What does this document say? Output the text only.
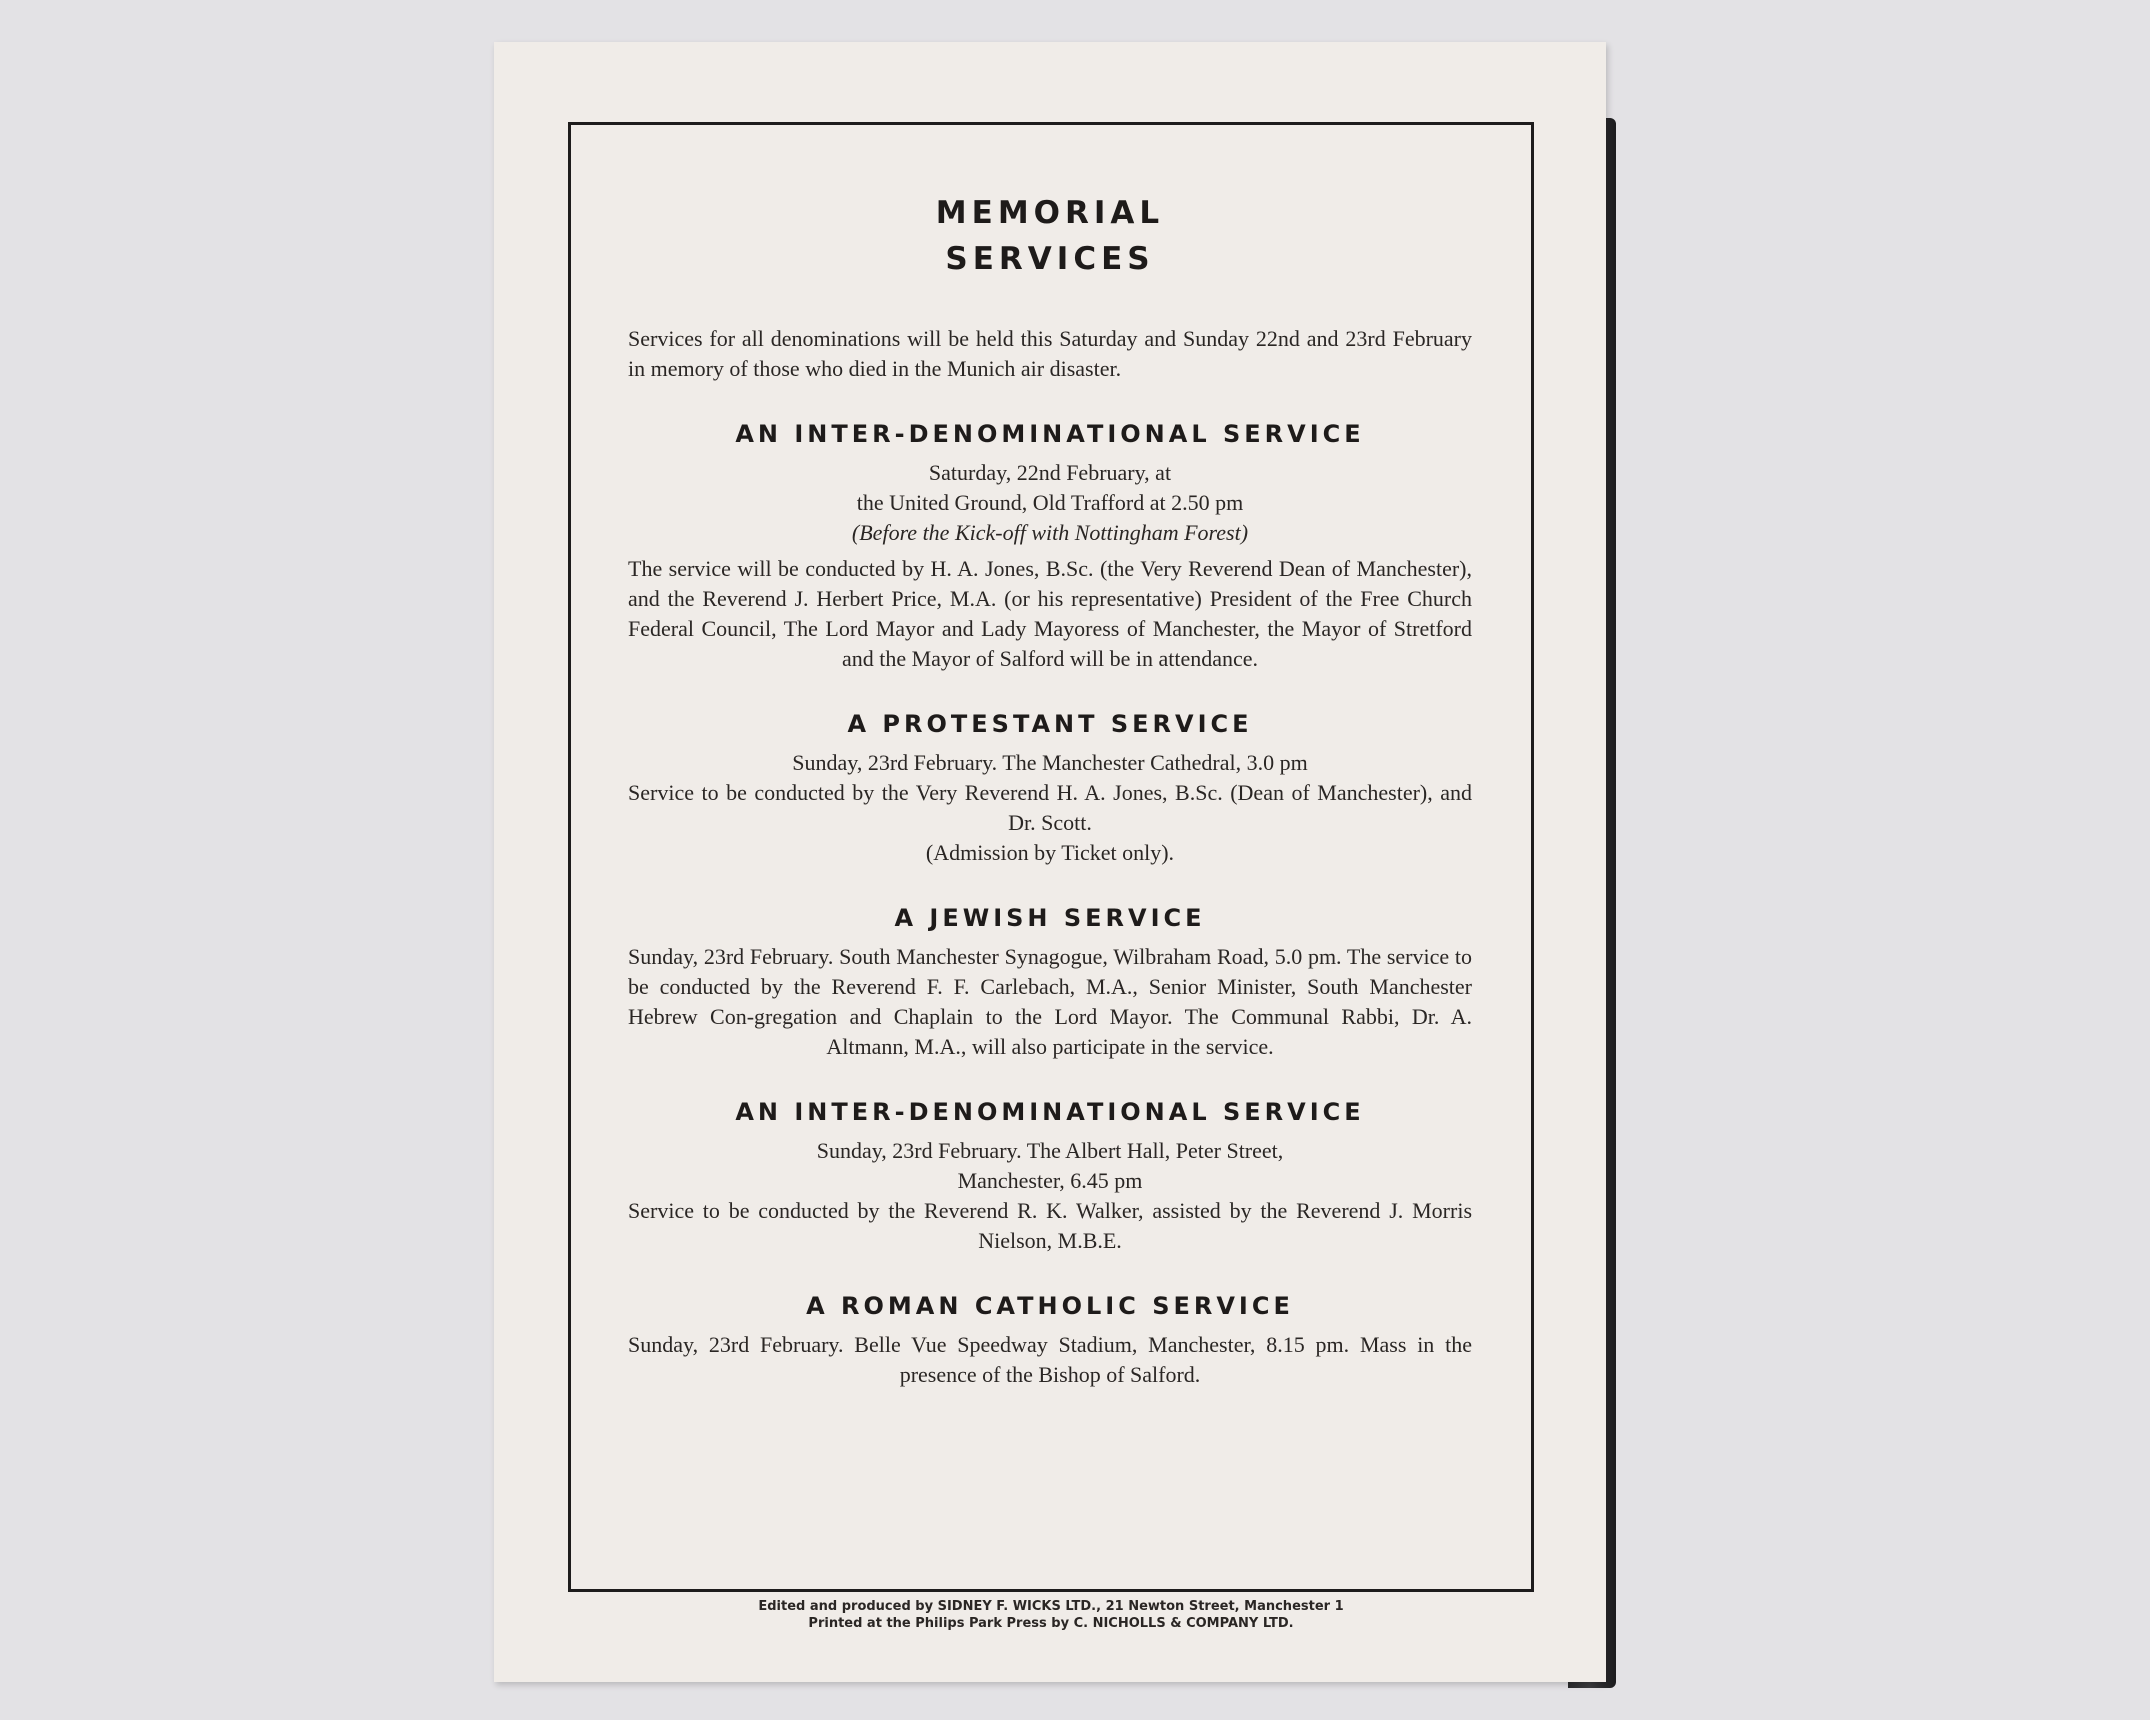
MEMORIAL
SERVICES

Services for all denominations will be held this Saturday and Sunday 22nd and 23rd February in memory of those who died in the Munich air disaster.

AN INTER-DENOMINATIONAL SERVICE

Saturday, 22nd February, at

the United Ground, Old Trafford at 2.50 pm

(Before the Kick-off with Nottingham Forest)

The service will be conducted by H. A. Jones, B.Sc. (the Very Reverend Dean of Manchester), and the Reverend J. Herbert Price, M.A. (or his representative) President of the Free Church Federal Council, The Lord Mayor and Lady Mayoress of Manchester, the Mayor of Stretford and the Mayor of Salford will be in attendance.

A PROTESTANT SERVICE

Sunday, 23rd February. The Manchester Cathedral, 3.0 pm

Service to be conducted by the Very Reverend H. A. Jones, B.Sc. (Dean of Manchester), and Dr. Scott.

(Admission by Ticket only).

A JEWISH SERVICE

Sunday, 23rd February. South Manchester Synagogue, Wilbraham Road, 5.0 pm. The service to be conducted by the Reverend F. F. Carlebach, M.A., Senior Minister, South Manchester Hebrew Con-gregation and Chaplain to the Lord Mayor. The Communal Rabbi, Dr. A. Altmann, M.A., will also participate in the service.

AN INTER-DENOMINATIONAL SERVICE

Sunday, 23rd February. The Albert Hall, Peter Street,

Manchester, 6.45 pm

Service to be conducted by the Reverend R. K. Walker, assisted by the Reverend J. Morris Nielson, M.B.E.

A ROMAN CATHOLIC SERVICE

Sunday, 23rd February. Belle Vue Speedway Stadium, Manchester, 8.15 pm. Mass in the presence of the Bishop of Salford.

Edited and produced by SIDNEY F. WICKS LTD., 21 Newton Street, Manchester 1

Printed at the Philips Park Press by C. NICHOLLS & COMPANY LTD.
